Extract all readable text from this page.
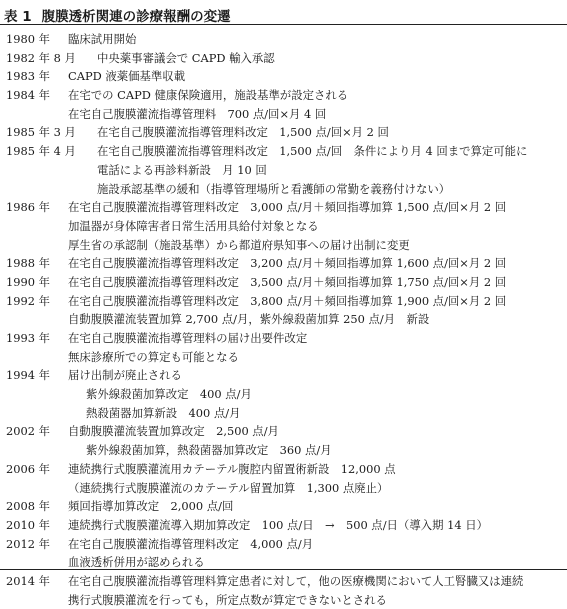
表 1 腹膜透析関連の診療報酬の変遷
1980 年 臨床試用開始
1982 年 8 月 中央薬事審議会で CAPD 輸入承認
1983 年 CAPD 液薬価基準収載
1984 年 在宅での CAPD 健康保険適用，施設基準が設定される
在宅自己腹膜灌流指導管理料　700 点/回×月 4 回
1985 年 3 月 在宅自己腹膜灌流指導管理料改定　1,500 点/回×月 2 回
1985 年 4 月 在宅自己腹膜灌流指導管理料改定　1,500 点/回　条件により月 4 回まで算定可能に
電話による再診料新設　月 10 回
施設承認基準の緩和（指導管理場所と看護師の常勤を義務付けない）
1986 年 在宅自己腹膜灌流指導管理料改定　3,000 点/月＋頻回指導加算 1,500 点/回×月 2 回
加温器が身体障害者日常生活用具給付対象となる
厚生省の承認制（施設基準）から都道府県知事への届け出制に変更
1988 年 在宅自己腹膜灌流指導管理料改定　3,200 点/月＋頻回指導加算 1,600 点/回×月 2 回
1990 年 在宅自己腹膜灌流指導管理料改定　3,500 点/月＋頻回指導加算 1,750 点/回×月 2 回
1992 年 在宅自己腹膜灌流指導管理料改定　3,800 点/月＋頻回指導加算 1,900 点/回×月 2 回
自動腹膜灌流装置加算 2,700 点/月，紫外線殺菌加算 250 点/月　新設
1993 年 在宅自己腹膜灌流指導管理料の届け出要件改定
無床診療所での算定も可能となる
1994 年 届け出制が廃止される
紫外線殺菌加算改定　400 点/月
熱殺菌器加算新設　400 点/月
2002 年 自動腹膜灌流装置加算改定　2,500 点/月
紫外線殺菌加算，熱殺菌器加算改定　360 点/月
2006 年 連続携行式腹膜灌流用カテーテル腹腔内留置術新設　12,000 点
（連続携行式腹膜灌流のカテーテル留置加算　1,300 点廃止）
2008 年 頻回指導加算改定　2,000 点/回
2010 年 連続携行式腹膜灌流導入期加算改定　100 点/日　→　500 点/日（導入期 14 日）
2012 年 在宅自己腹膜灌流指導管理料改定　4,000 点/月
血液透析併用が認められる
2014 年 在宅自己腹膜灌流指導管理料算定患者に対して，他の医療機関において人工腎臓又は連続
携行式腹膜灌流を行っても，所定点数が算定できないとされる
